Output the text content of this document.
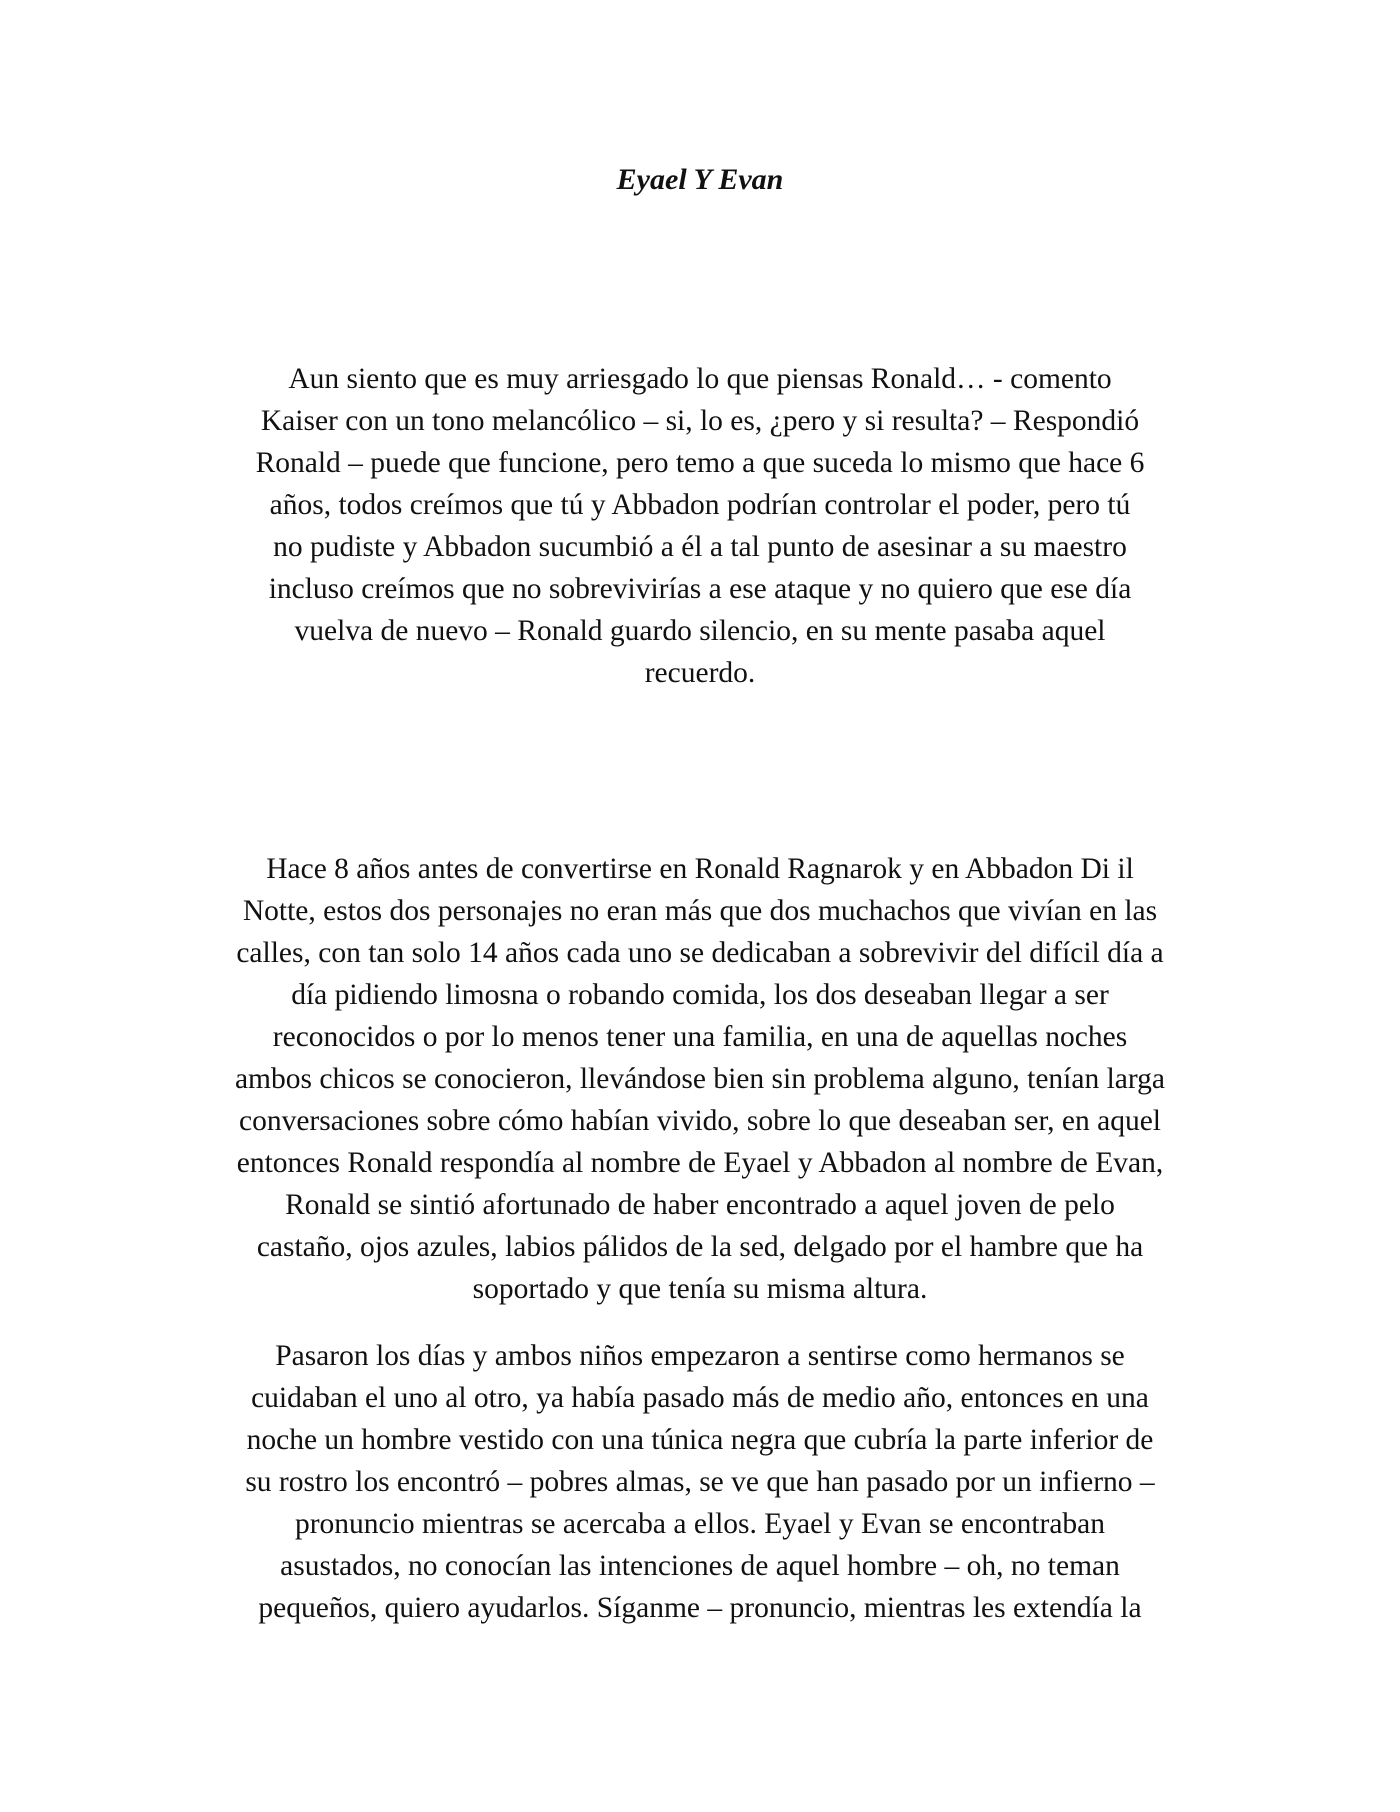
Eyael Y Evan
Aun siento que es muy arriesgado lo que piensas Ronald… - comento
Kaiser con un tono melancólico – si, lo es, ¿pero y si resulta? – Respondió
Ronald – puede que funcione, pero temo a que suceda lo mismo que hace 6
años, todos creímos que tú y Abbadon podrían controlar el poder, pero tú
no pudiste y Abbadon sucumbió a él a tal punto de asesinar a su maestro
incluso creímos que no sobrevivirías a ese ataque y no quiero que ese día
vuelva de nuevo – Ronald guardo silencio, en su mente pasaba aquel
recuerdo.
Hace 8 años antes de convertirse en Ronald Ragnarok y en Abbadon Di il
Notte, estos dos personajes no eran más que dos muchachos que vivían en las
calles, con tan solo 14 años cada uno se dedicaban a sobrevivir del difícil día a
día pidiendo limosna o robando comida, los dos deseaban llegar a ser
reconocidos o por lo menos tener una familia, en una de aquellas noches
ambos chicos se conocieron, llevándose bien sin problema alguno, tenían larga
conversaciones sobre cómo habían vivido, sobre lo que deseaban ser, en aquel
entonces Ronald respondía al nombre de Eyael y Abbadon al nombre de Evan,
Ronald se sintió afortunado de haber encontrado a aquel joven de pelo
castaño, ojos azules, labios pálidos de la sed, delgado por el hambre que ha
soportado y que tenía su misma altura.
Pasaron los días y ambos niños empezaron a sentirse como hermanos se
cuidaban el uno al otro, ya había pasado más de medio año, entonces en una
noche un hombre vestido con una túnica negra que cubría la parte inferior de
su rostro los encontró – pobres almas, se ve que han pasado por un infierno –
pronuncio mientras se acercaba a ellos. Eyael y Evan se encontraban
asustados, no conocían las intenciones de aquel hombre – oh, no teman
pequeños, quiero ayudarlos. Síganme – pronuncio, mientras les extendía la
